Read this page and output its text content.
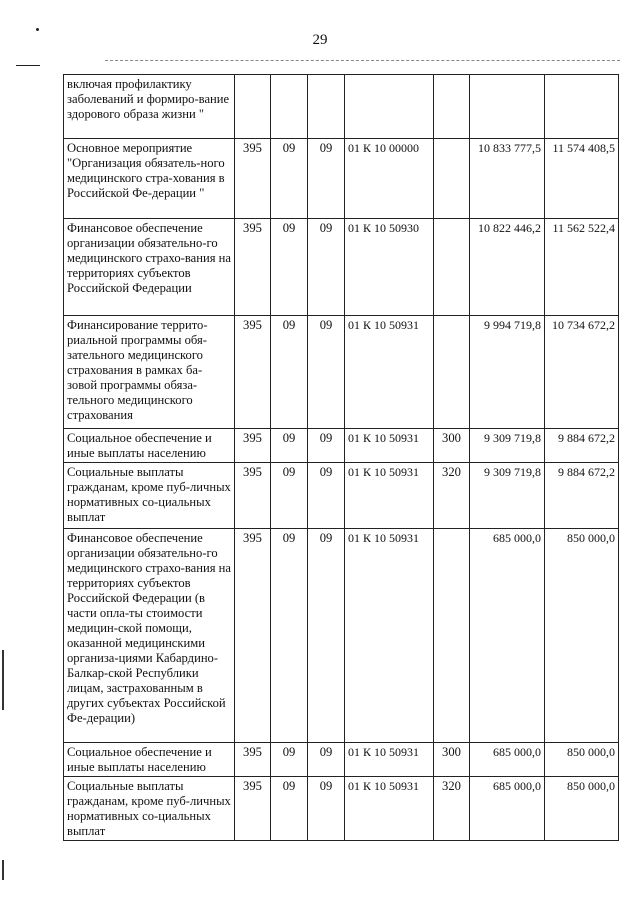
29
включая профилактику заболеваний и формиро-вание здорового образа жизни "							
Основное мероприятие "Организация обязатель-ного медицинского стра-хования в Российской Фе-дерации "	395	09	09	01 К 10 00000		10 833 777,5	11 574 408,5
Финансовое обеспечение организации обязательно-го медицинского страхо-вания на территориях субъектов Российской Федерации	395	09	09	01 К 10 50930		10 822 446,2	11 562 522,4
Финансирование террито-риальной программы обя-зательного медицинского страхования в рамках ба-зовой программы обяза-тельного медицинского страхования	395	09	09	01 К 10 50931		9 994 719,8	10 734 672,2
Социальное обеспечение и иные выплаты населению	395	09	09	01 К 10 50931	300	9 309 719,8	9 884 672,2
Социальные выплаты гражданам, кроме пуб-личных нормативных со-циальных выплат	395	09	09	01 К 10 50931	320	9 309 719,8	9 884 672,2
Финансовое обеспечение организации обязательно-го медицинского страхо-вания на территориях субъектов Российской Федерации (в части опла-ты стоимости медицин-ской помощи, оказанной медицинскими организа-циями Кабардино-Балкар-ской Республики лицам, застрахованным в других субъектах Российской Фе-дерации)	395	09	09	01 К 10 50931		685 000,0	850 000,0
Социальное обеспечение и иные выплаты населению	395	09	09	01 К 10 50931	300	685 000,0	850 000,0
Социальные выплаты гражданам, кроме пуб-личных нормативных со-циальных выплат	395	09	09	01 К 10 50931	320	685 000,0	850 000,0
